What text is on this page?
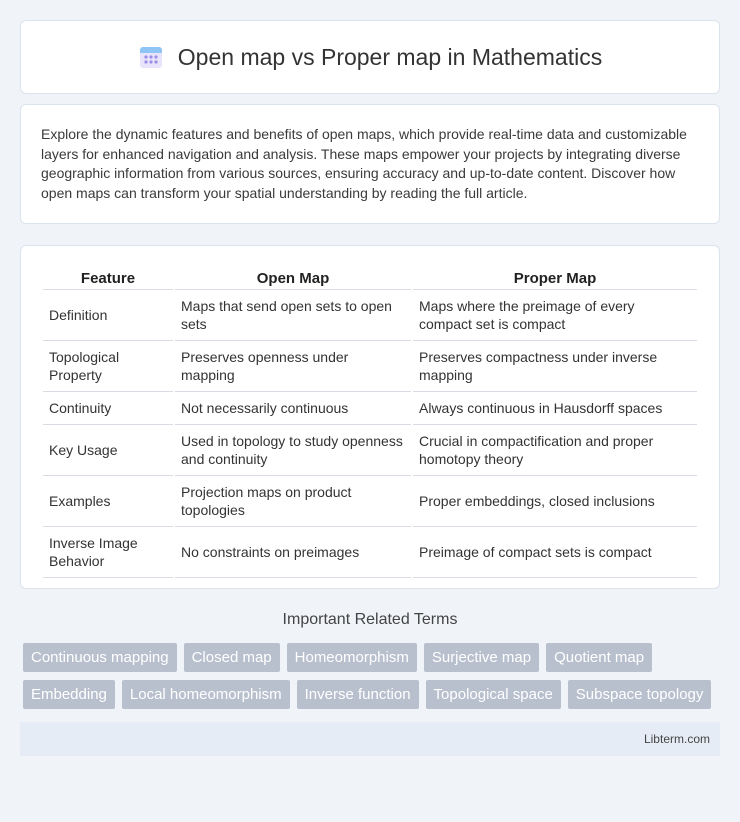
Open map vs Proper map in Mathematics

Explore the dynamic features and benefits of open maps, which provide real-time data and customizable layers for enhanced navigation and analysis. These maps empower your projects by integrating diverse geographic information from various sources, ensuring accuracy and up-to-date content. Discover how open maps can transform your spatial understanding by reading the full article.

Feature	Open Map	Proper Map
Definition	Maps that send open sets to open sets	Maps where the preimage of every compact set is compact
Topological Property	Preserves openness under mapping	Preserves compactness under inverse mapping
Continuity	Not necessarily continuous	Always continuous in Hausdorff spaces
Key Usage	Used in topology to study openness and continuity	Crucial in compactification and proper homotopy theory
Examples	Projection maps on product topologies	Proper embeddings, closed inclusions
Inverse Image Behavior	No constraints on preimages	Preimage of compact sets is compact
Important Related Terms
Continuous mapping	Closed map	Homeomorphism	Surjective map	Quotient map
Embedding	Local homeomorphism	Inverse function	Topological space	Subspace topology
Libterm.com
